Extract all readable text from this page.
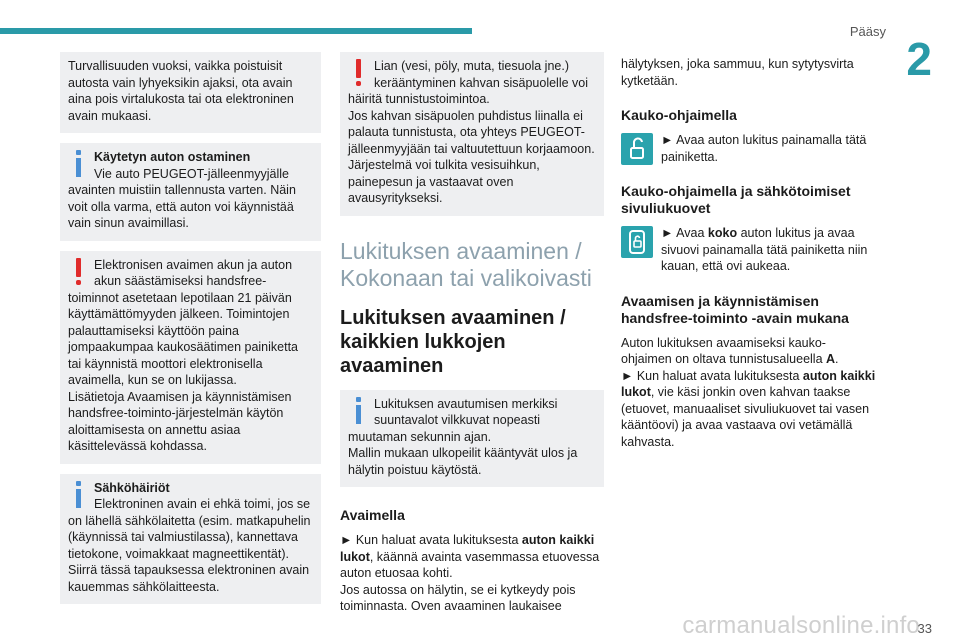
Pääsy
2
carmanualsonline.info
33

Turvallisuuden vuoksi, vaikka poistuisit autosta vain lyhyeksikin ajaksi, ota avain aina pois virtalukosta tai ota elektroninen avain mukaasi.

Käytetyn auton ostaminen

Vie auto PEUGEOT-jälleenmyyjälle avainten muistiin tallennusta varten. Näin voit olla varma, että auton voi käynnistää vain sinun avaimillasi.

Elektronisen avaimen akun ja auton akun säästämiseksi handsfree-toiminnot asetetaan lepotilaan 21 päivän käyttämättömyyden jälkeen. Toimintojen palauttamiseksi käyttöön paina jompaakumpaa kaukosäätimen painiketta tai käynnistä moottori elektronisella avaimella, kun se on lukijassa.

Lisätietoja Avaamisen ja käynnistämisen handsfree-toiminto-järjestelmän käytön aloittamisesta on annettu asiaa käsittelevässä kohdassa.

Sähköhäiriöt

Elektroninen avain ei ehkä toimi, jos se on lähellä sähkölaitetta (esim. matkapuhelin (käynnissä tai valmiustilassa), kannettava tietokone, voimakkaat magneettikentät).

Siirrä tässä tapauksessa elektroninen avain kauemmas sähkölaitteesta.

Lian (vesi, pöly, muta, tiesuola jne.) kerääntyminen kahvan sisäpuolelle voi häiritä tunnistustoimintoa.

Jos kahvan sisäpuolen puhdistus liinalla ei palauta tunnistusta, ota yhteys PEUGEOT-jälleenmyyjään tai valtuutettuun korjaamoon.

Järjestelmä voi tulkita vesisuihkun, painepesun ja vastaavat oven avausyritykseksi.

Lukituksen avaaminen / Kokonaan tai valikoivasti
Lukituksen avaaminen / kaikkien lukkojen avaaminen

Lukituksen avautumisen merkiksi suuntavalot vilkkuvat nopeasti muutaman sekunnin ajan.

Mallin mukaan ulkopeilit kääntyvät ulos ja hälytin poistuu käytöstä.

Avaimella

► Kun haluat avata lukituksesta auton kaikki lukot, käännä avainta vasemmassa etuovessa auton etuosaa kohti.

Jos autossa on hälytin, se ei kytkeydy pois toiminnasta. Oven avaaminen laukaisee

hälytyksen, joka sammuu, kun sytytysvirta kytketään.

Kauko-ohjaimella
► Avaa auton lukitus painamalla tätä painiketta.
Kauko-ohjaimella ja sähkötoimiset sivuliukuovet
► Avaa koko auton lukitus ja avaa sivuovi painamalla tätä painiketta niin kauan, että ovi aukeaa.
Avaamisen ja käynnistämisen handsfree-toiminto -avain mukana

Auton lukituksen avaamiseksi kauko-ohjaimen on oltava tunnistusalueella A.

► Kun haluat avata lukituksesta auton kaikki lukot, vie käsi jonkin oven kahvan taakse (etuovet, manuaaliset sivuliukuovet tai vasen kääntöovi) ja avaa vastaava ovi vetämällä kahvasta.
